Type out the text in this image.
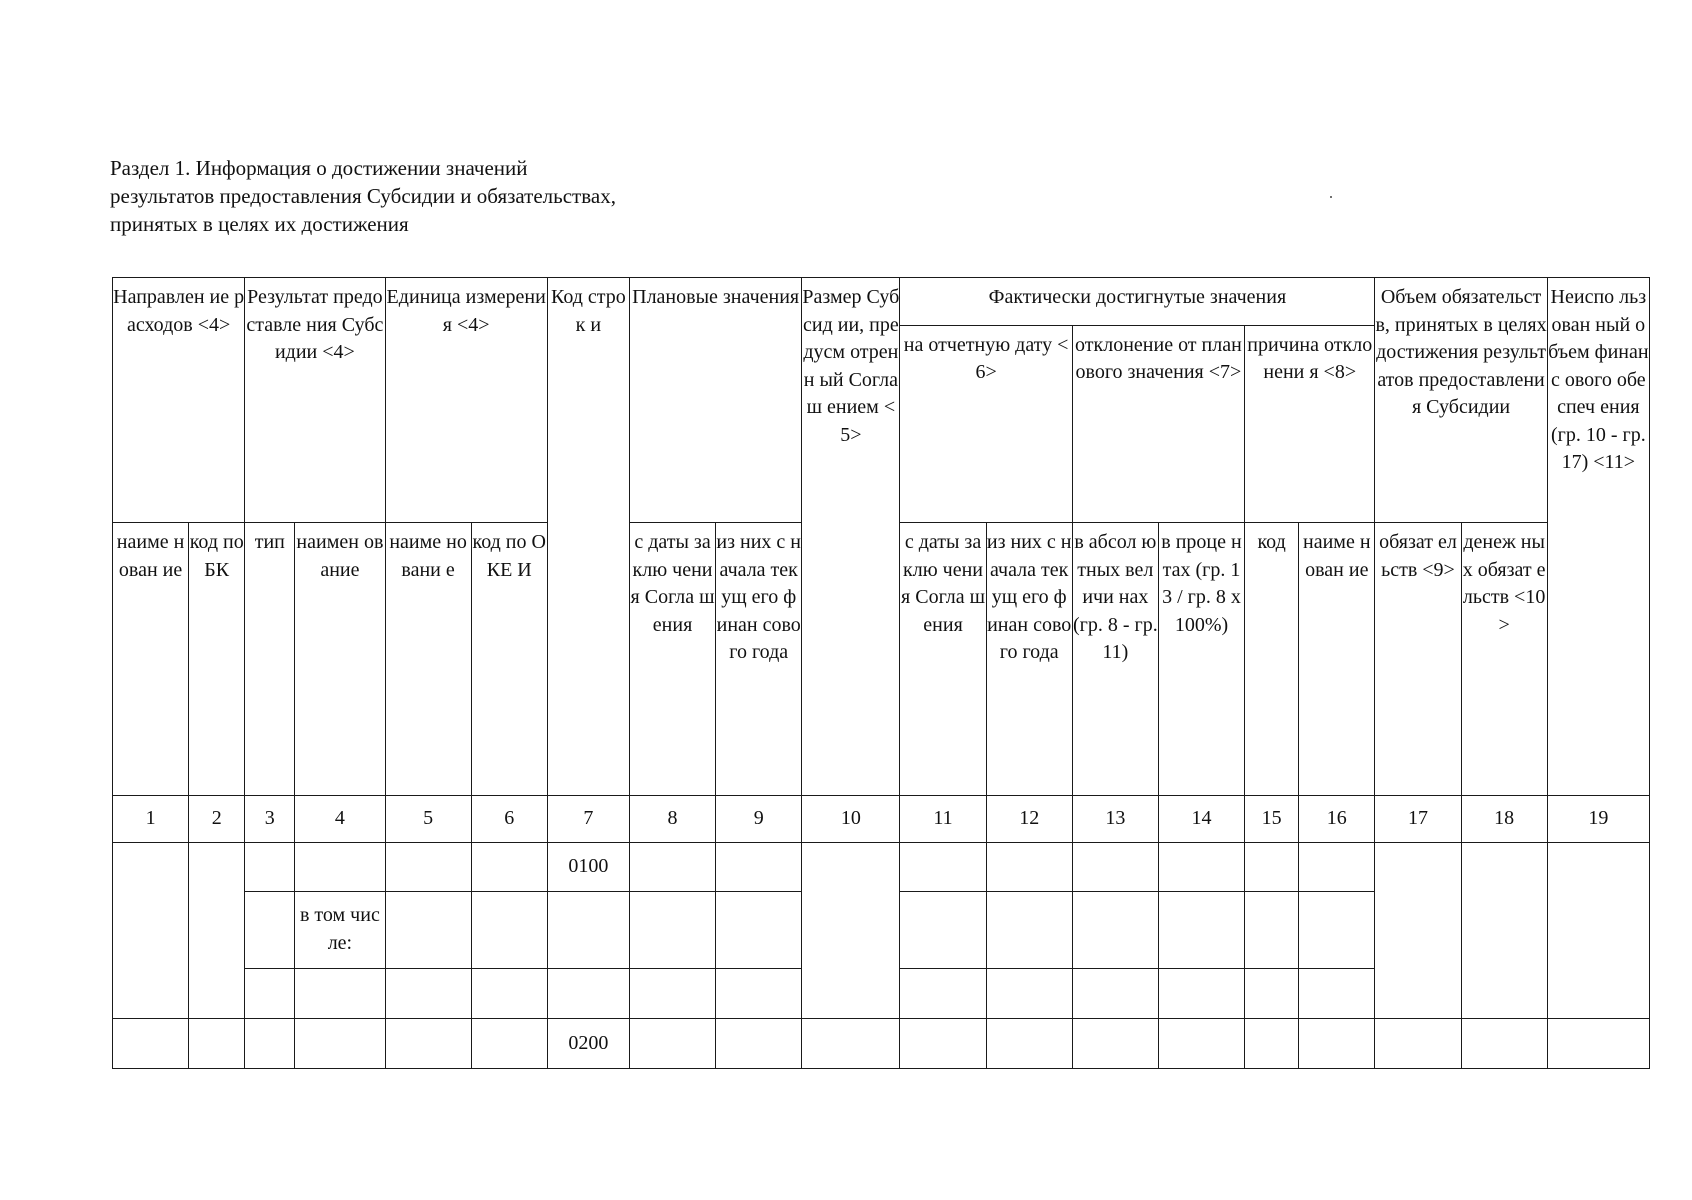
Раздел 1. Информация о достижении значений
результатов предоставления Субсидии и обязательствах,
принятых в целях их достижения
Направлен ие расходов <4>		Результат предоставле ния Субсидии <4>		Единица измерения <4>		Код строк и	Плановые значения		Размер Субсид ии, предусм отренн ый Соглаш ением <5>	Фактически достигнутые значения						Объем обязательств, принятых в целях достижения результатов предоставлени я Субсидии		Неиспо льзован ный объем финанс ового обеспеч ения (гр. 10 - гр. 17) <11>

										на отчетную дату <6>		отклонение от планового значения <7>		причина отклонени я <8>				

наиме нован ие	код по БК	тип	наимен ование	наиме новани е	код по ОКЕ И		с даты заклю чения Согла шения	из них с начала текущ его финан сового года		с даты заклю чения Согла шения	из них с начала текущ его финан сового года	в абсол ютных величи нах (гр. 8 - гр. 11)	в проце нтах (гр. 13 / гр. 8 x 100%)	код	наиме нован ие	обязат ельств <9>	денеж ных обязат ельств <10>	

1	2	3	4	5	6	7	8	9	10	11	12	13	14	15	16	17	18	19
						0100												
			в том числе:															

						0200												
